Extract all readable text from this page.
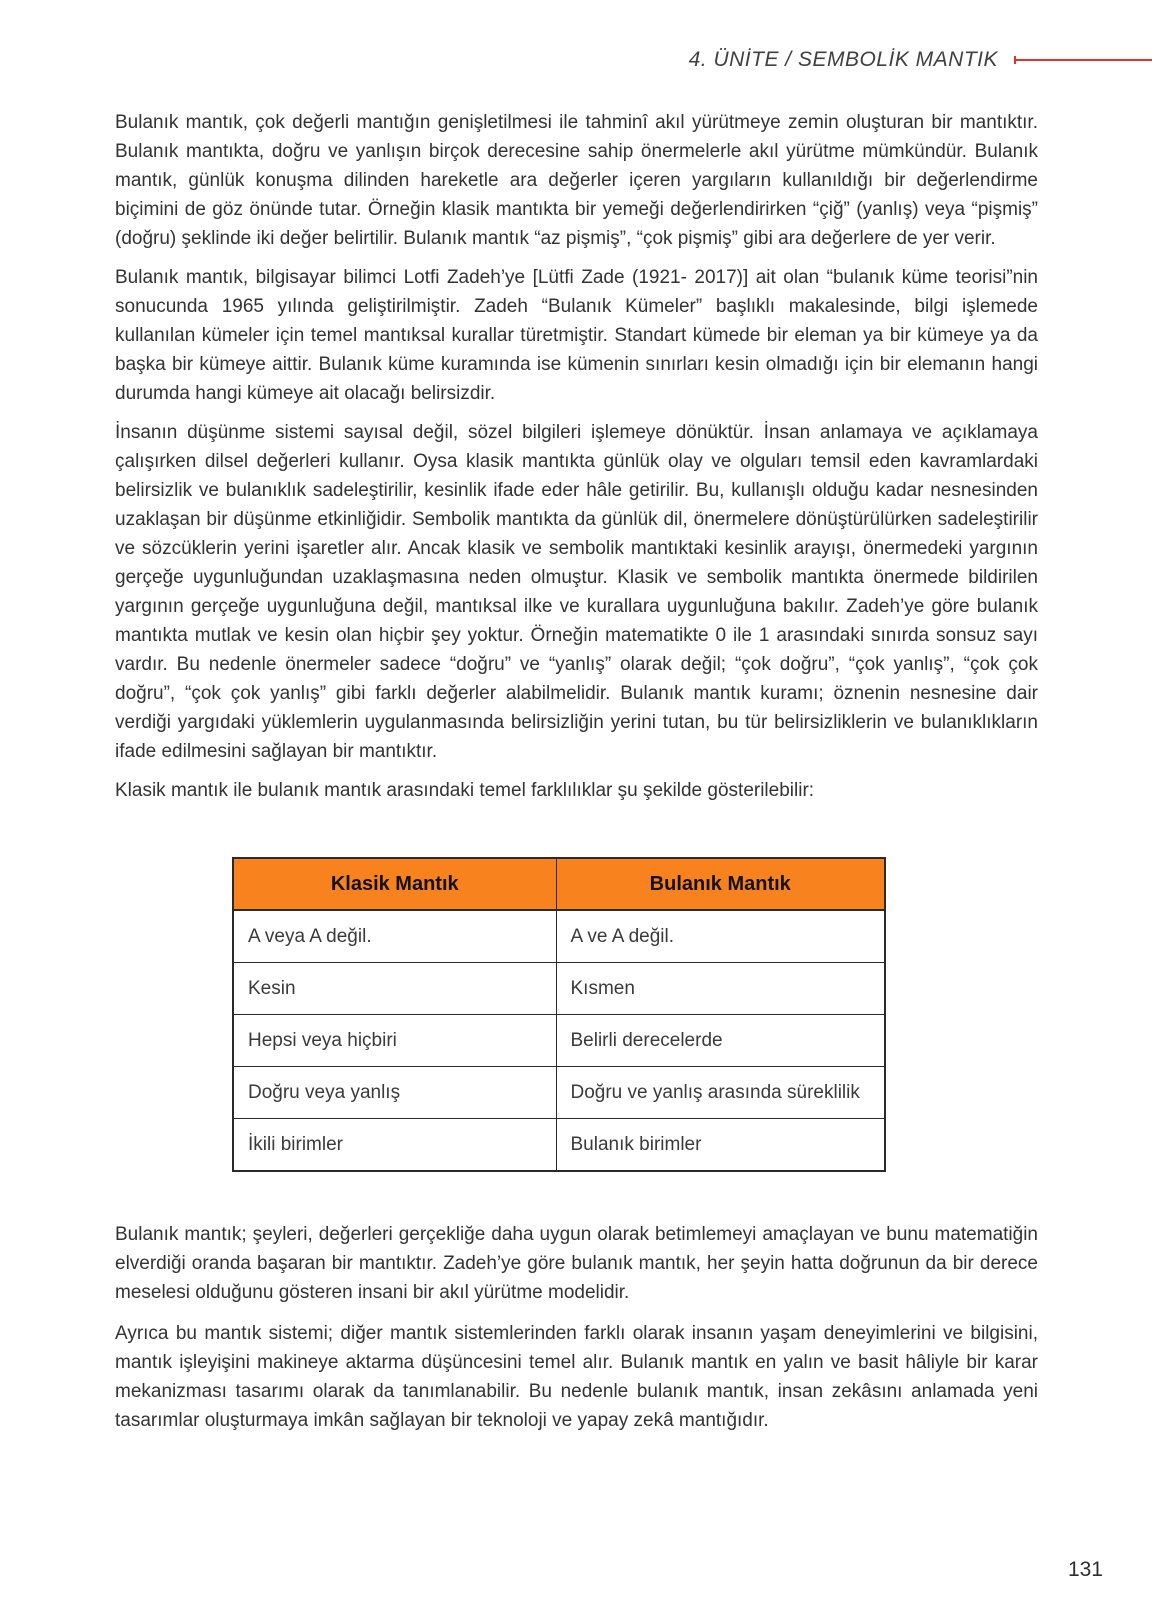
4. ÜNİTE / SEMBOLİK MANTIK

Bulanık mantık, çok değerli mantığın genişletilmesi ile tahminî akıl yürütmeye zemin oluşturan bir mantıktır. Bulanık mantıkta, doğru ve yanlışın birçok derecesine sahip önermelerle akıl yürütme mümkündür. Bulanık mantık, günlük konuşma dilinden hareketle ara değerler içeren yargıların kullanıldığı bir değerlendirme biçimini de göz önünde tutar. Örneğin klasik mantıkta bir yemeği değerlendirirken “çiğ” (yanlış) veya “pişmiş” (doğru) şeklinde iki değer belirtilir. Bulanık mantık “az pişmiş”, “çok pişmiş” gibi ara değerlere de yer verir.

Bulanık mantık, bilgisayar bilimci Lotfi Zadeh’ye [Lütfi Zade (1921- 2017)] ait olan “bulanık küme teorisi”nin sonucunda 1965 yılında geliştirilmiştir. Zadeh “Bulanık Kümeler” başlıklı makalesinde, bilgi işlemede kullanılan kümeler için temel mantıksal kurallar türetmiştir. Standart kümede bir eleman ya bir kümeye ya da başka bir kümeye aittir. Bulanık küme kuramında ise kümenin sınırları kesin olmadığı için bir elemanın hangi durumda hangi kümeye ait olacağı belirsizdir.

İnsanın düşünme sistemi sayısal değil, sözel bilgileri işlemeye dönüktür. İnsan anlamaya ve açıklamaya çalışırken dilsel değerleri kullanır. Oysa klasik mantıkta günlük olay ve olguları temsil eden kavramlardaki belirsizlik ve bulanıklık sadeleştirilir, kesinlik ifade eder hâle getirilir. Bu, kullanışlı olduğu kadar nesnesinden uzaklaşan bir düşünme etkinliğidir. Sembolik mantıkta da günlük dil, önermelere dönüştürülürken sadeleştirilir ve sözcüklerin yerini işaretler alır. Ancak klasik ve sembolik mantıktaki kesinlik arayışı, önermedeki yargının gerçeğe uygunluğundan uzaklaşmasına neden olmuştur. Klasik ve sembolik mantıkta önermede bildirilen yargının gerçeğe uygunluğuna değil, mantıksal ilke ve kurallara uygunluğuna bakılır. Zadeh’ye göre bulanık mantıkta mutlak ve kesin olan hiçbir şey yoktur. Örneğin matematikte 0 ile 1 arasındaki sınırda sonsuz sayı vardır. Bu nedenle önermeler sadece “doğru” ve “yanlış” olarak değil; “çok doğru”, “çok yanlış”, “çok çok doğru”, “çok çok yanlış” gibi farklı değerler alabilmelidir. Bulanık mantık kuramı; öznenin nesnesine dair verdiği yargıdaki yüklemlerin uygulanmasında belirsizliğin yerini tutan, bu tür belirsizliklerin ve bulanıklıkların ifade edilmesini sağlayan bir mantıktır.

Klasik mantık ile bulanık mantık arasındaki temel farklılıklar şu şekilde gösterilebilir:

Klasik Mantık	Bulanık Mantık
A veya A değil.	A ve A değil.
Kesin	Kısmen
Hepsi veya hiçbiri	Belirli derecelerde
Doğru veya yanlış	Doğru ve yanlış arasında süreklilik
İkili birimler	Bulanık birimler

Bulanık mantık; şeyleri, değerleri gerçekliğe daha uygun olarak betimlemeyi amaçlayan ve bunu matematiğin elverdiği oranda başaran bir mantıktır. Zadeh’ye göre bulanık mantık, her şeyin hatta doğrunun da bir derece meselesi olduğunu gösteren insani bir akıl yürütme modelidir.

Ayrıca bu mantık sistemi; diğer mantık sistemlerinden farklı olarak insanın yaşam deneyimlerini ve bilgisini, mantık işleyişini makineye aktarma düşüncesini temel alır. Bulanık mantık en yalın ve basit hâliyle bir karar mekanizması tasarımı olarak da tanımlanabilir. Bu nedenle bulanık mantık, insan zekâsını anlamada yeni tasarımlar oluşturmaya imkân sağlayan bir teknoloji ve yapay zekâ mantığıdır.

131
